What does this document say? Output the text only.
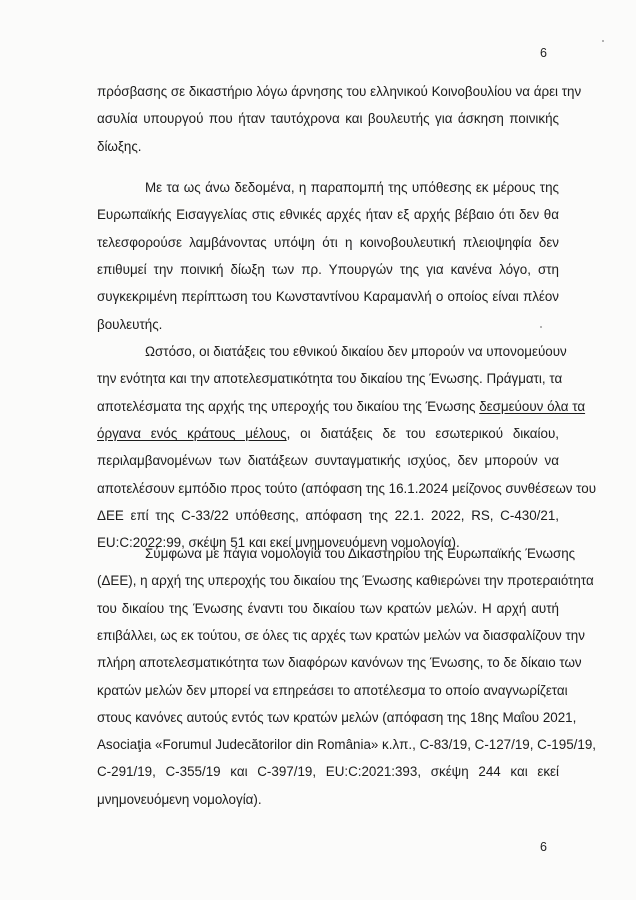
6
πρόσβασης σε δικαστήριο λόγω άρνησης του ελληνικού Κοινοβουλίου να άρει την
ασυλία υπουργού που ήταν ταυτόχρονα και βουλευτής για άσκηση ποινικής
δίωξης.
Με τα ως άνω δεδομένα, η παραπομπή της υπόθεσης εκ μέρους της
Ευρωπαϊκής Εισαγγελίας στις εθνικές αρχές ήταν εξ αρχής βέβαιο ότι δεν θα
τελεσφορούσε λαμβάνοντας υπόψη ότι η κοινοβουλευτική πλειοψηφία δεν
επιθυμεί την ποινική δίωξη των πρ. Υπουργών της για κανένα λόγο, στη
συγκεκριμένη περίπτωση του Κωνσταντίνου Καραμανλή ο οποίος είναι πλέον
βουλευτής.
Ωστόσο, οι διατάξεις του εθνικού δικαίου δεν μπορούν να υπονομεύουν
την ενότητα και την αποτελεσματικότητα του δικαίου της Ένωσης. Πράγματι, τα
αποτελέσματα της αρχής της υπεροχής του δικαίου της Ένωσης δεσμεύουν όλα τα
όργανα ενός κράτους μέλους, οι διατάξεις δε του εσωτερικού δικαίου,
περιλαμβανομένων των διατάξεων συνταγματικής ισχύος, δεν μπορούν να
αποτελέσουν εμπόδιο προς τούτο (απόφαση της 16.1.2024 μείζονος συνθέσεων του
ΔΕΕ επί της C‑33/22 υπόθεσης, απόφαση της 22.1. 2022, RS, C‑430/21,
EU:C:2022:99, σκέψη 51 και εκεί μνημονευόμενη νομολογία).
Σύμφωνα με πάγια νομολογία του Δικαστηρίου της Ευρωπαϊκής Ένωσης
(ΔΕΕ), η αρχή της υπεροχής του δικαίου της Ένωσης καθιερώνει την προτεραιότητα
του δικαίου της Ένωσης έναντι του δικαίου των κρατών μελών. Η αρχή αυτή
επιβάλλει, ως εκ τούτου, σε όλες τις αρχές των κρατών μελών να διασφαλίζουν την
πλήρη αποτελεσματικότητα των διαφόρων κανόνων της Ένωσης, το δε δίκαιο των
κρατών μελών δεν μπορεί να επηρεάσει το αποτέλεσμα το οποίο αναγνωρίζεται
στους κανόνες αυτούς εντός των κρατών μελών (απόφαση της 18ης Μαΐου 2021,
Asociaţia «Forumul Judecătorilor din România» κ.λπ., C‑83/19, C‑127/19, C‑195/19,
C‑291/19, C‑355/19 και C‑397/19, EU:C:2021:393, σκέψη 244 και εκεί
μνημονευόμενη νομολογία).
6
